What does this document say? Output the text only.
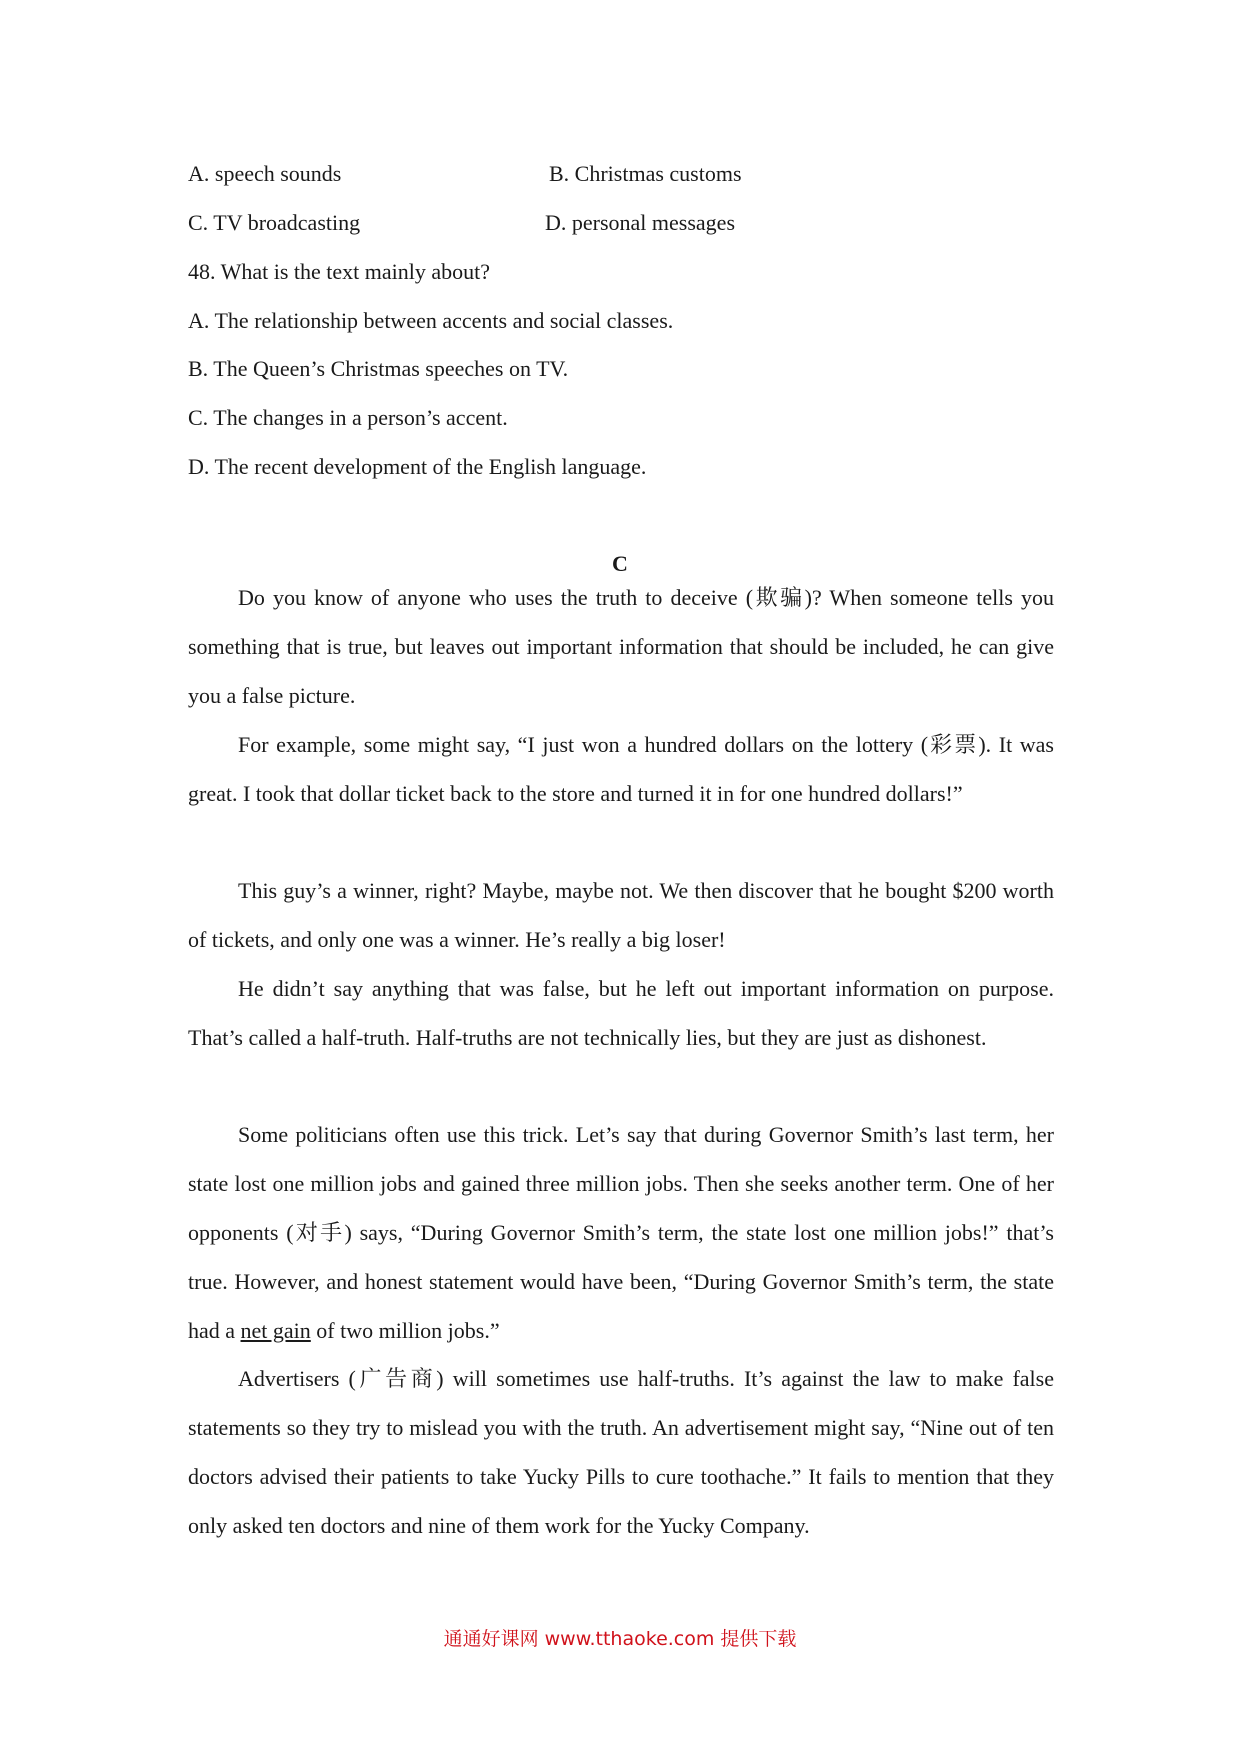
A. speech sounds	B. Christmas customs
C. TV broadcasting	D. personal messages
48. What is the text mainly about?
A. The relationship between accents and social classes.
B. The Queen’s Christmas speeches on TV.
C. The changes in a person’s accent.
D. The recent development of the English language.
C

Do you know of anyone who uses the truth to deceive (欺骗)? When someone tells you something that is true, but leaves out important information that should be included, he can give you a false picture.

For example, some might say, “I just won a hundred dollars on the lottery (彩票). It was great. I took that dollar ticket back to the store and turned it in for one hundred dollars!”

This guy’s a winner, right? Maybe, maybe not. We then discover that he bought $200 worth of tickets, and only one was a winner. He’s really a big loser!

He didn’t say anything that was false, but he left out important information on purpose. That’s called a half-truth. Half-truths are not technically lies, but they are just as dishonest.

Some politicians often use this trick. Let’s say that during Governor Smith’s last term, her state lost one million jobs and gained three million jobs. Then she seeks another term. One of her opponents (对手) says, “During Governor Smith’s term, the state lost one million jobs!” that’s true. However, and honest statement would have been, “During Governor Smith’s term, the state had a net gain of two million jobs.”

Advertisers (广告商) will sometimes use half-truths. It’s against the law to make false statements so they try to mislead you with the truth. An advertisement might say, “Nine out of ten doctors advised their patients to take Yucky Pills to cure toothache.” It fails to mention that they only asked ten doctors and nine of them work for the Yucky Company.

通通好课网 www.tthaoke.com 提供下载
